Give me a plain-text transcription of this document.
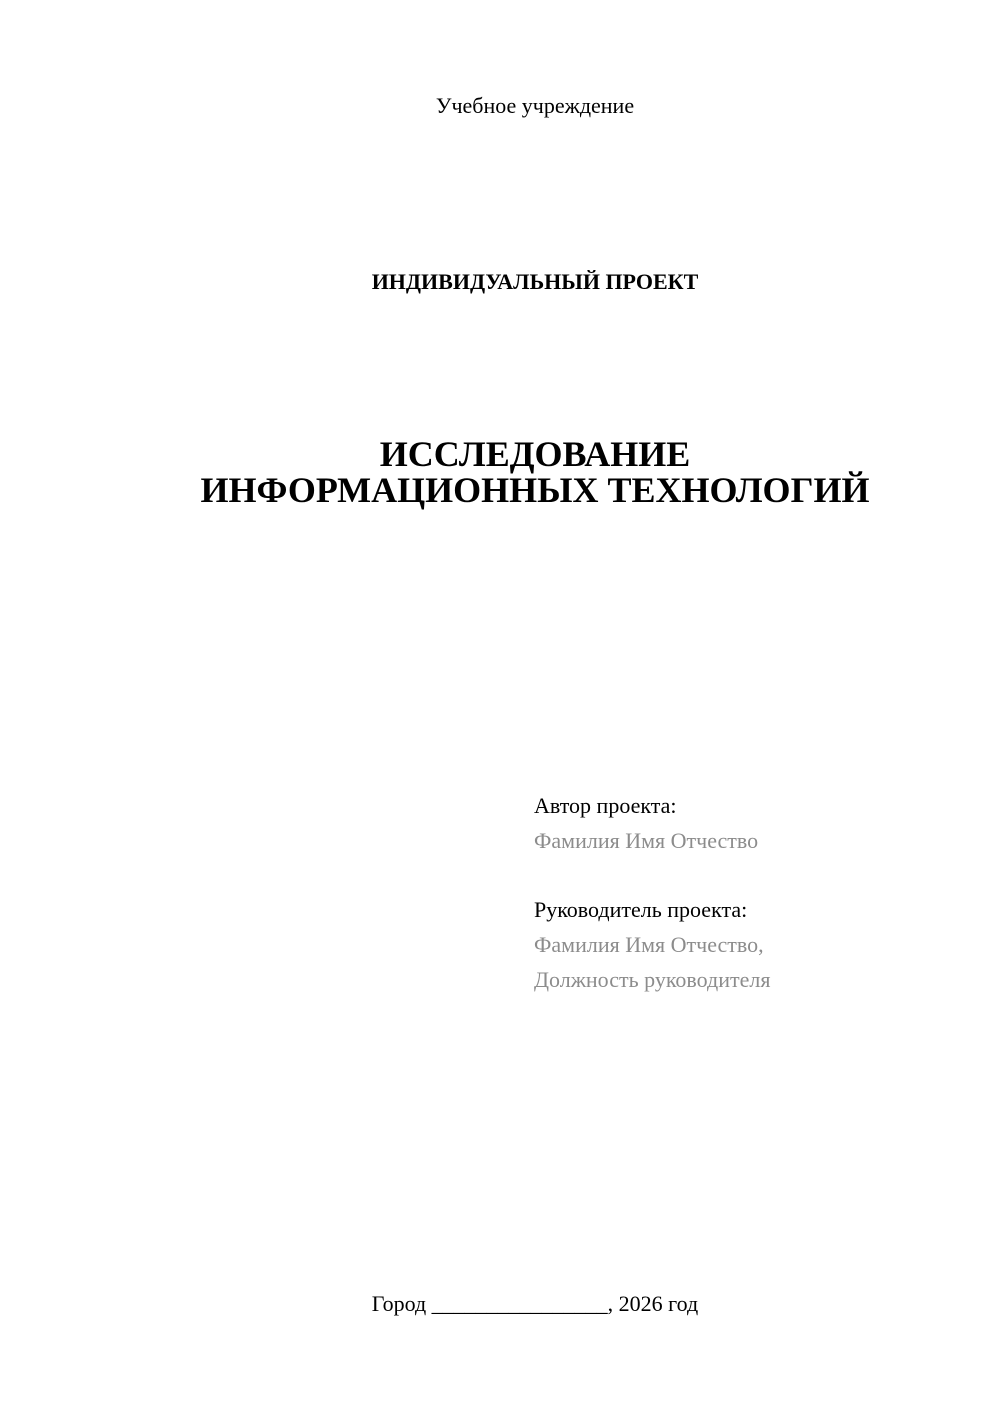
Учебное учреждение
ИНДИВИДУАЛЬНЫЙ ПРОЕКТ
ИССЛЕДОВАНИЕ
ИНФОРМАЦИОННЫХ ТЕХНОЛОГИЙ
Автор проекта:
Фамилия Имя Отчество
Руководитель проекта:
Фамилия Имя Отчество,
Должность руководителя
Город ________________, 2026 год
